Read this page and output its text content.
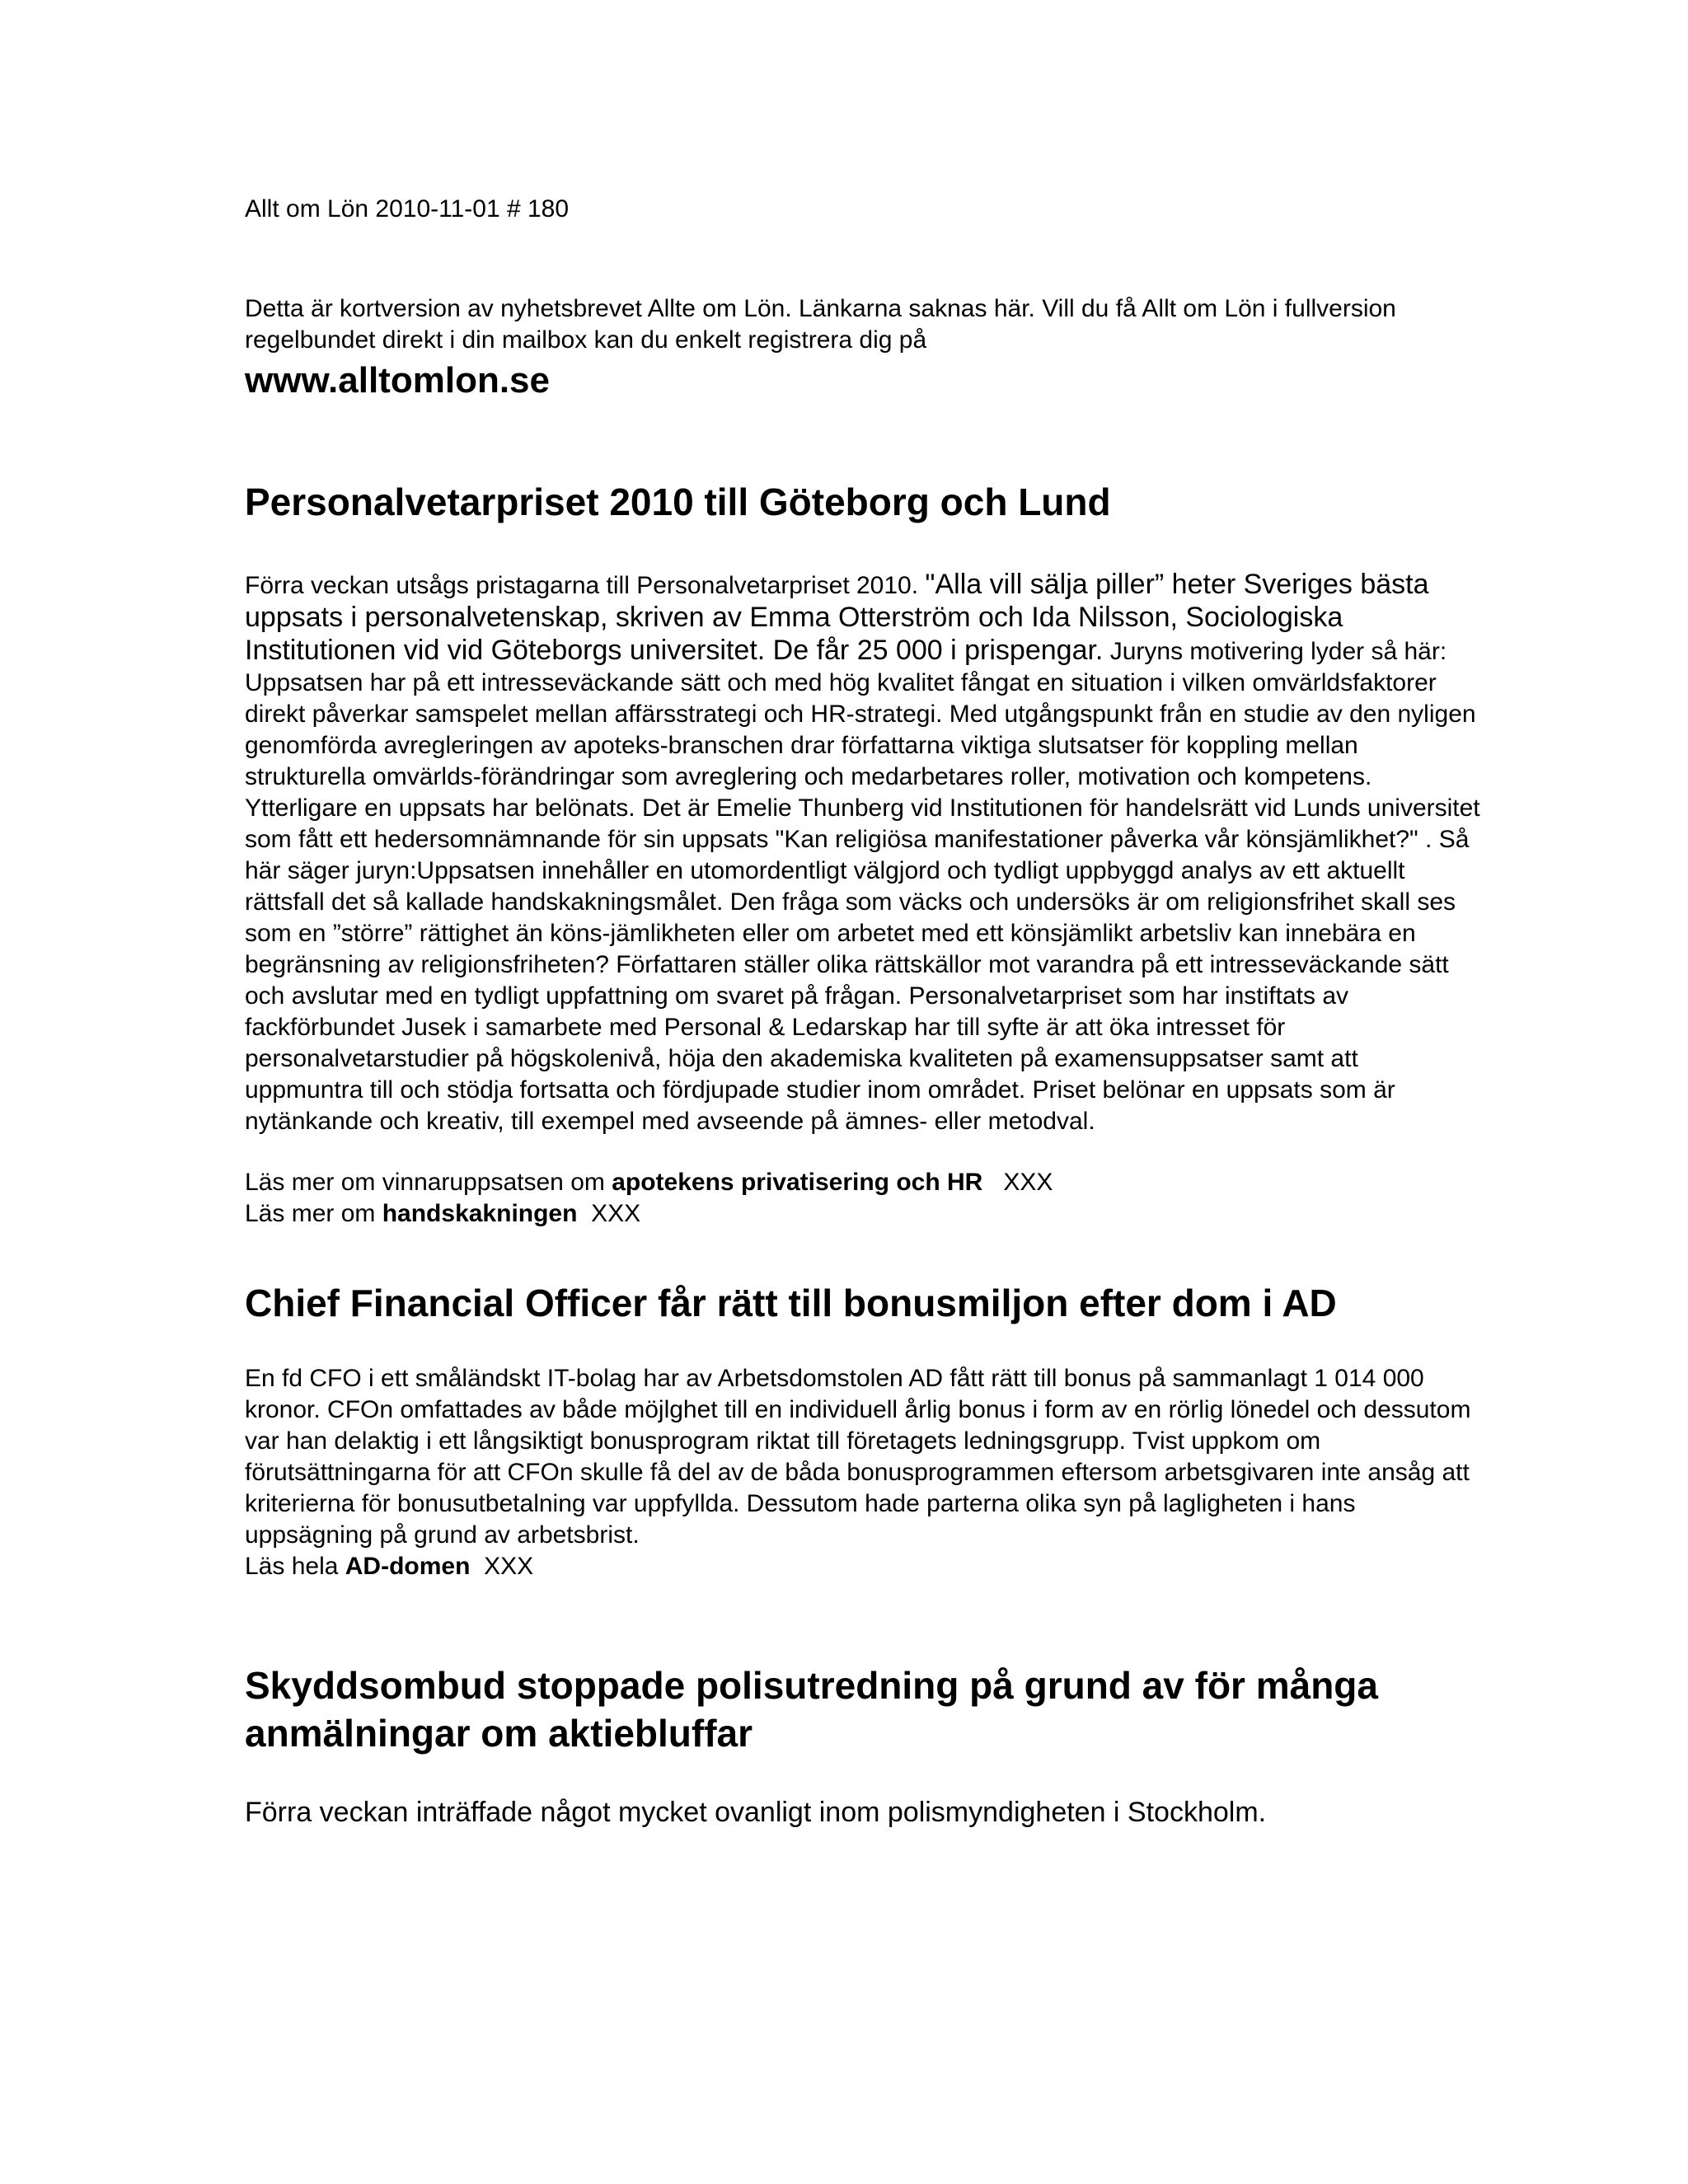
Allt om Lön 2010-11-01 # 180

Detta är kortversion av nyhetsbrevet Allte om Lön. Länkarna saknas här. Vill du få Allt om Lön i fullversion regelbundet direkt i din mailbox kan du enkelt registrera dig på
www.alltomlon.se
Personalvetarpriset 2010 till Göteborg och Lund

Förra veckan utsågs pristagarna till Personalvetarpriset 2010. "Alla vill sälja piller” heter Sveriges bästa uppsats i personalvetenskap, skriven av Emma Otterström och Ida Nilsson, Sociologiska Institutionen vid vid Göteborgs universitet. De får 25 000 i prispengar. Juryns motivering lyder så här: Uppsatsen har på ett intresseväckande sätt och med hög kvalitet fångat en situation i vilken omvärldsfaktorer direkt påverkar samspelet mellan affärsstrategi och HR-strategi. Med utgångspunkt från en studie av den nyligen genomförda avregleringen av apoteks-branschen drar författarna viktiga slutsatser för koppling mellan strukturella omvärlds-förändringar som avreglering och medarbetares roller, motivation och kompetens. Ytterligare en uppsats har belönats. Det är Emelie Thunberg vid Institutionen för handelsrätt vid Lunds universitet som fått ett hedersomnämnande för sin uppsats "Kan religiösa manifestationer påverka vår könsjämlikhet?" . Så här säger juryn:Uppsatsen innehåller en utomordentligt välgjord och tydligt uppbyggd analys av ett aktuellt rättsfall det så kallade handskakningsmålet. Den fråga som väcks och undersöks är om religionsfrihet skall ses som en ”större” rättighet än köns-jämlikheten eller om arbetet med ett könsjämlikt arbetsliv kan innebära en begränsning av religionsfriheten? Författaren ställer olika rättskällor mot varandra på ett intresseväckande sätt och avslutar med en tydligt uppfattning om svaret på frågan. Personalvetarpriset som har instiftats av fackförbundet Jusek i samarbete med Personal & Ledarskap har till syfte är att öka intresset för personalvetarstudier på högskolenivå, höja den akademiska kvaliteten på examensuppsatser samt att uppmuntra till och stödja fortsatta och fördjupade studier inom området. Priset belönar en uppsats som är nytänkande och kreativ, till exempel med avseende på ämnes- eller metodval.

Läs mer om vinnaruppsatsen om apotekens privatisering och HR   XXX
Läs mer om handskakningen  XXX
Chief Financial Officer får rätt till bonusmiljon efter dom i AD
En fd CFO i ett småländskt IT-bolag har av Arbetsdomstolen AD fått rätt till bonus på sammanlagt 1 014 000 kronor. CFOn omfattades av både möjlghet till en individuell årlig bonus i form av en rörlig lönedel och dessutom var han delaktig i ett långsiktigt bonusprogram riktat till företagets ledningsgrupp. Tvist uppkom om förutsättningarna för att CFOn skulle få del av de båda bonusprogrammen eftersom arbetsgivaren inte ansåg att kriterierna för bonusutbetalning var uppfyllda. Dessutom hade parterna olika syn på lagligheten i hans uppsägning på grund av arbetsbrist.
Läs hela AD-domen  XXX
Skyddsombud stoppade polisutredning på grund av för många anmälningar om aktiebluffar

Förra veckan inträffade något mycket ovanligt inom polismyndigheten i Stockholm.
